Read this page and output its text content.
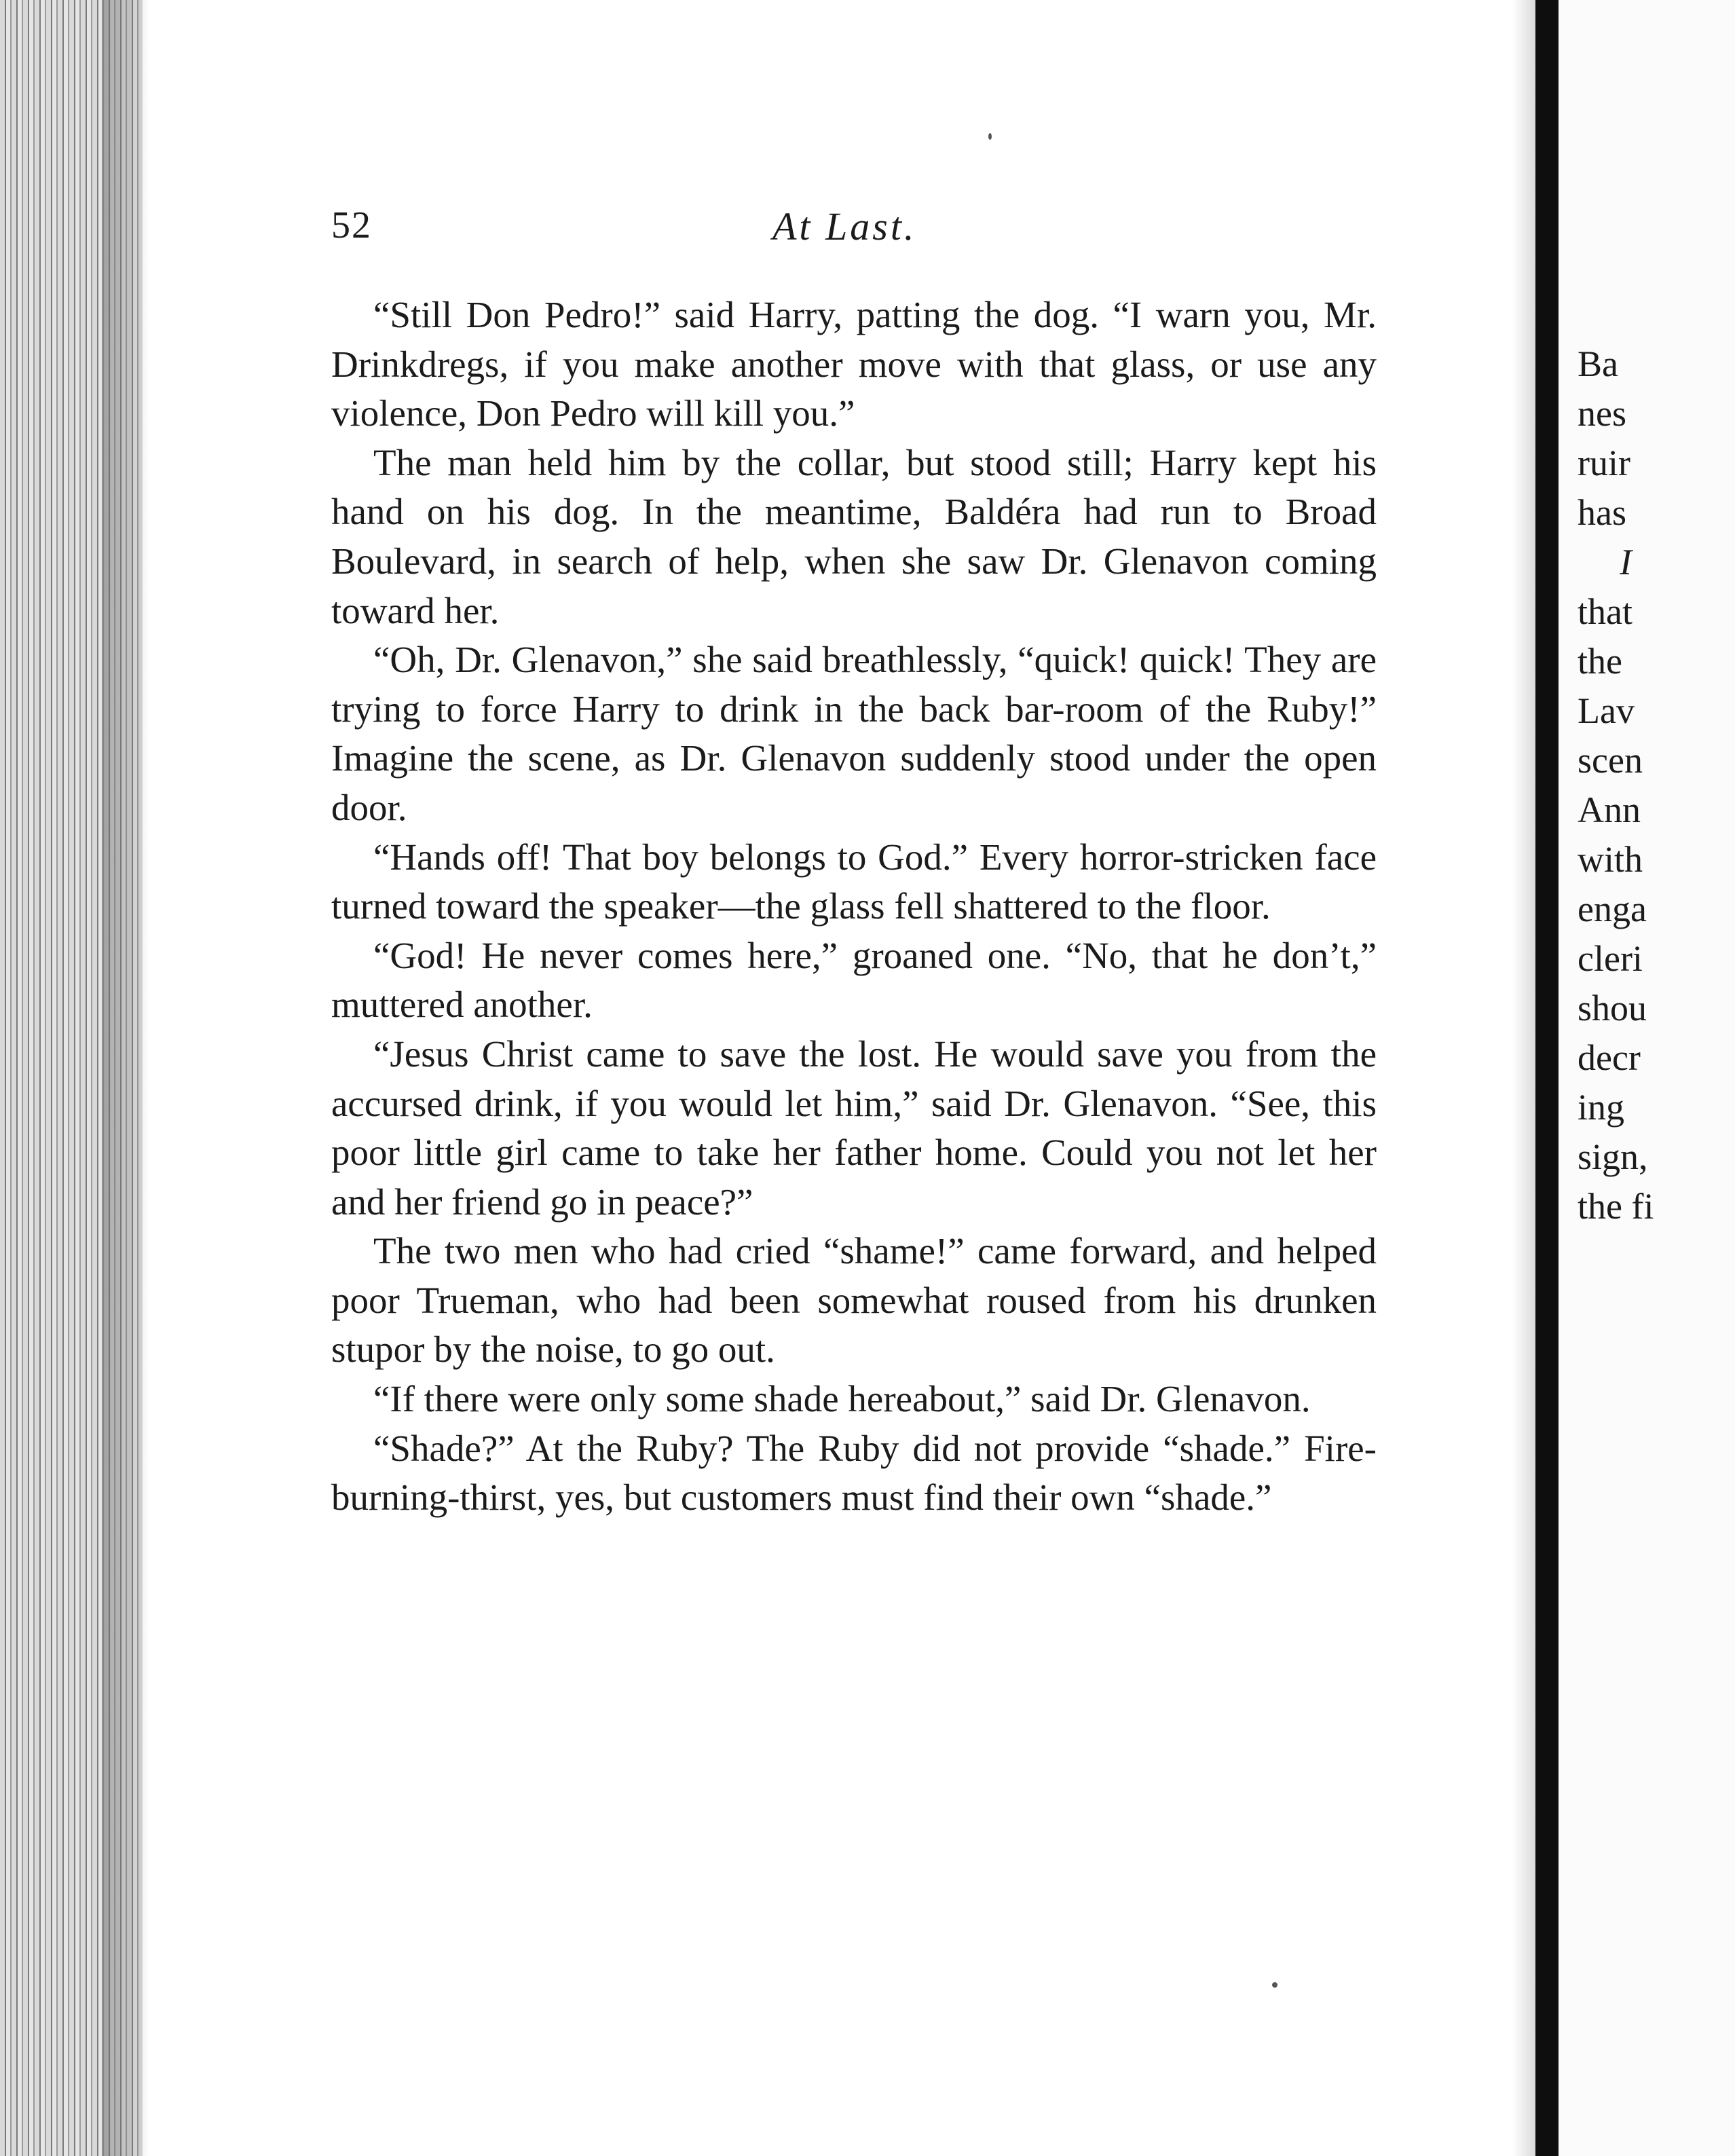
Ba
nes
ruir
has
I
that
the
Lav
scen
Ann
with
enga
cleri
shou
decr
ing
sign,
the fi
52	At Last.

“Still Don Pedro!” said Harry, patting the dog. “I warn you, Mr. Drinkdregs, if you make another move with that glass, or use any violence, Don Pedro will kill you.”

The man held him by the collar, but stood still; Harry kept his hand on his dog. In the meantime, Baldéra had run to Broad Boulevard, in search of help, when she saw Dr. Glenavon coming toward her.

“Oh, Dr. Glenavon,” she said breathlessly, “quick! quick! They are trying to force Harry to drink in the back bar-room of the Ruby!” Imagine the scene, as Dr. Glenavon suddenly stood under the open door.

“Hands off! That boy belongs to God.” Every horror-stricken face turned toward the speaker—the glass fell shattered to the floor.

“God! He never comes here,” groaned one. “No, that he don’t,” muttered another.

“Jesus Christ came to save the lost. He would save you from the accursed drink, if you would let him,” said Dr. Glenavon. “See, this poor little girl came to take her father home. Could you not let her and her friend go in peace?”

The two men who had cried “shame!” came forward, and helped poor Trueman, who had been somewhat roused from his drunken stupor by the noise, to go out.

“If there were only some shade hereabout,” said Dr. Glenavon.

“Shade?” At the Ruby? The Ruby did not provide “shade.” Fire-burning-thirst, yes, but customers must find their own “shade.”
